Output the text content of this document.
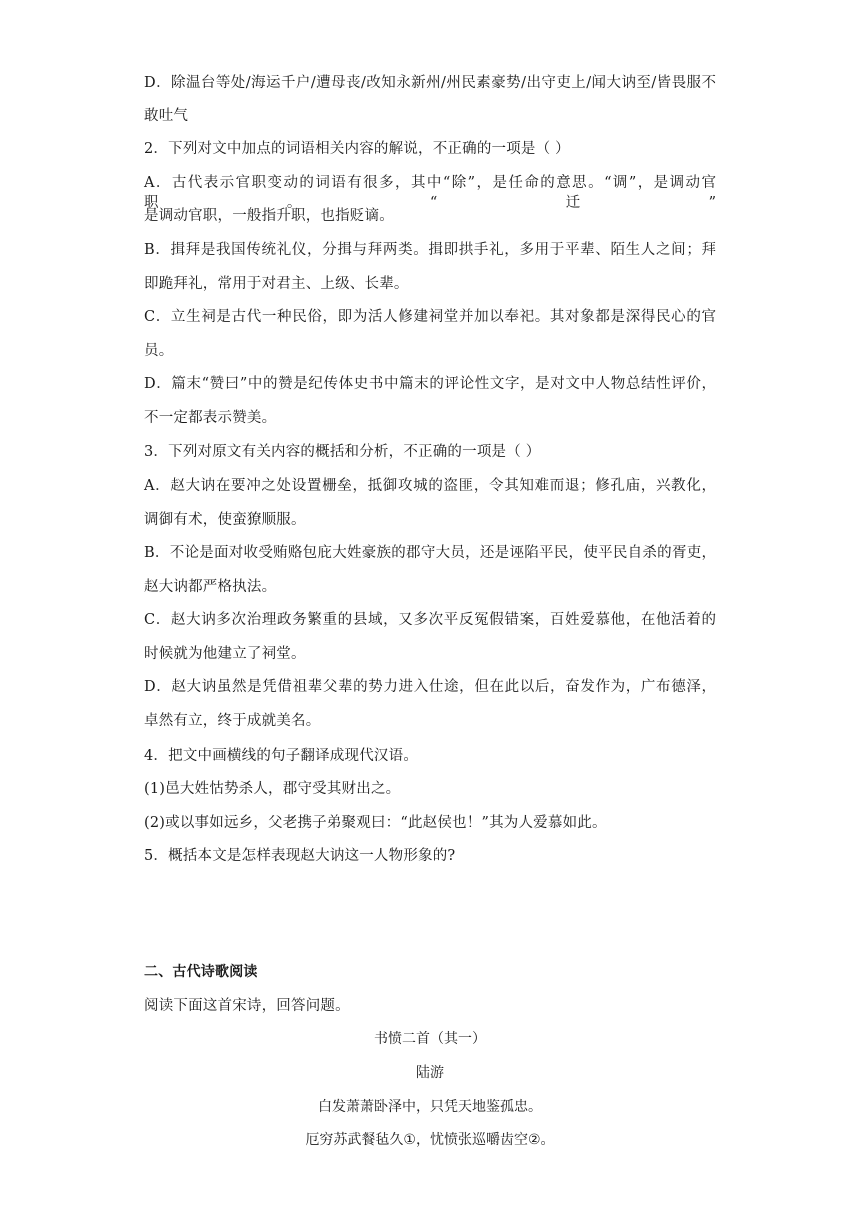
D．除温台等处/海运千户/遭母丧/改知永新州/州民素豪势/出守吏上/闻大讷至/皆畏服不
敢吐气
2．下列对文中加点的词语相关内容的解说，不正确的一项是（ ）
A．古代表示官职变动的词语有很多，其中“除”，是任命的意思。“调”，是调动官职。“迁”
是调动官职，一般指升职，也指贬谪。
B．揖拜是我国传统礼仪，分揖与拜两类。揖即拱手礼，多用于平辈、陌生人之间；拜
即跪拜礼，常用于对君主、上级、长辈。
C．立生祠是古代一种民俗，即为活人修建祠堂并加以奉祀。其对象都是深得民心的官
员。
D．篇末“赞曰”中的赞是纪传体史书中篇末的评论性文字，是对文中人物总结性评价，
不一定都表示赞美。
3．下列对原文有关内容的概括和分析，不正确的一项是（ ）
A．赵大讷在要冲之处设置栅垒，抵御攻城的盗匪，令其知难而退；修孔庙，兴教化，
调御有术，使蛮獠顺服。
B．不论是面对收受贿赂包庇大姓豪族的郡守大员，还是诬陷平民，使平民自杀的胥吏，
赵大讷都严格执法。
C．赵大讷多次治理政务繁重的县域，又多次平反冤假错案，百姓爱慕他，在他活着的
时候就为他建立了祠堂。
D．赵大讷虽然是凭借祖辈父辈的势力进入仕途，但在此以后，奋发作为，广布德泽，
卓然有立，终于成就美名。
4．把文中画横线的句子翻译成现代汉语。
(1)邑大姓怙势杀人，郡守受其财出之。
(2)或以事如远乡，父老携子弟聚观曰：“此赵侯也！”其为人爱慕如此。
5．概括本文是怎样表现赵大讷这一人物形象的?
二、古代诗歌阅读
阅读下面这首宋诗，回答问题。
书愤二首（其一）
陆游
白发萧萧卧泽中，只凭天地鉴孤忠。
厄穷苏武餐毡久①，忧愤张巡嚼齿空②。
